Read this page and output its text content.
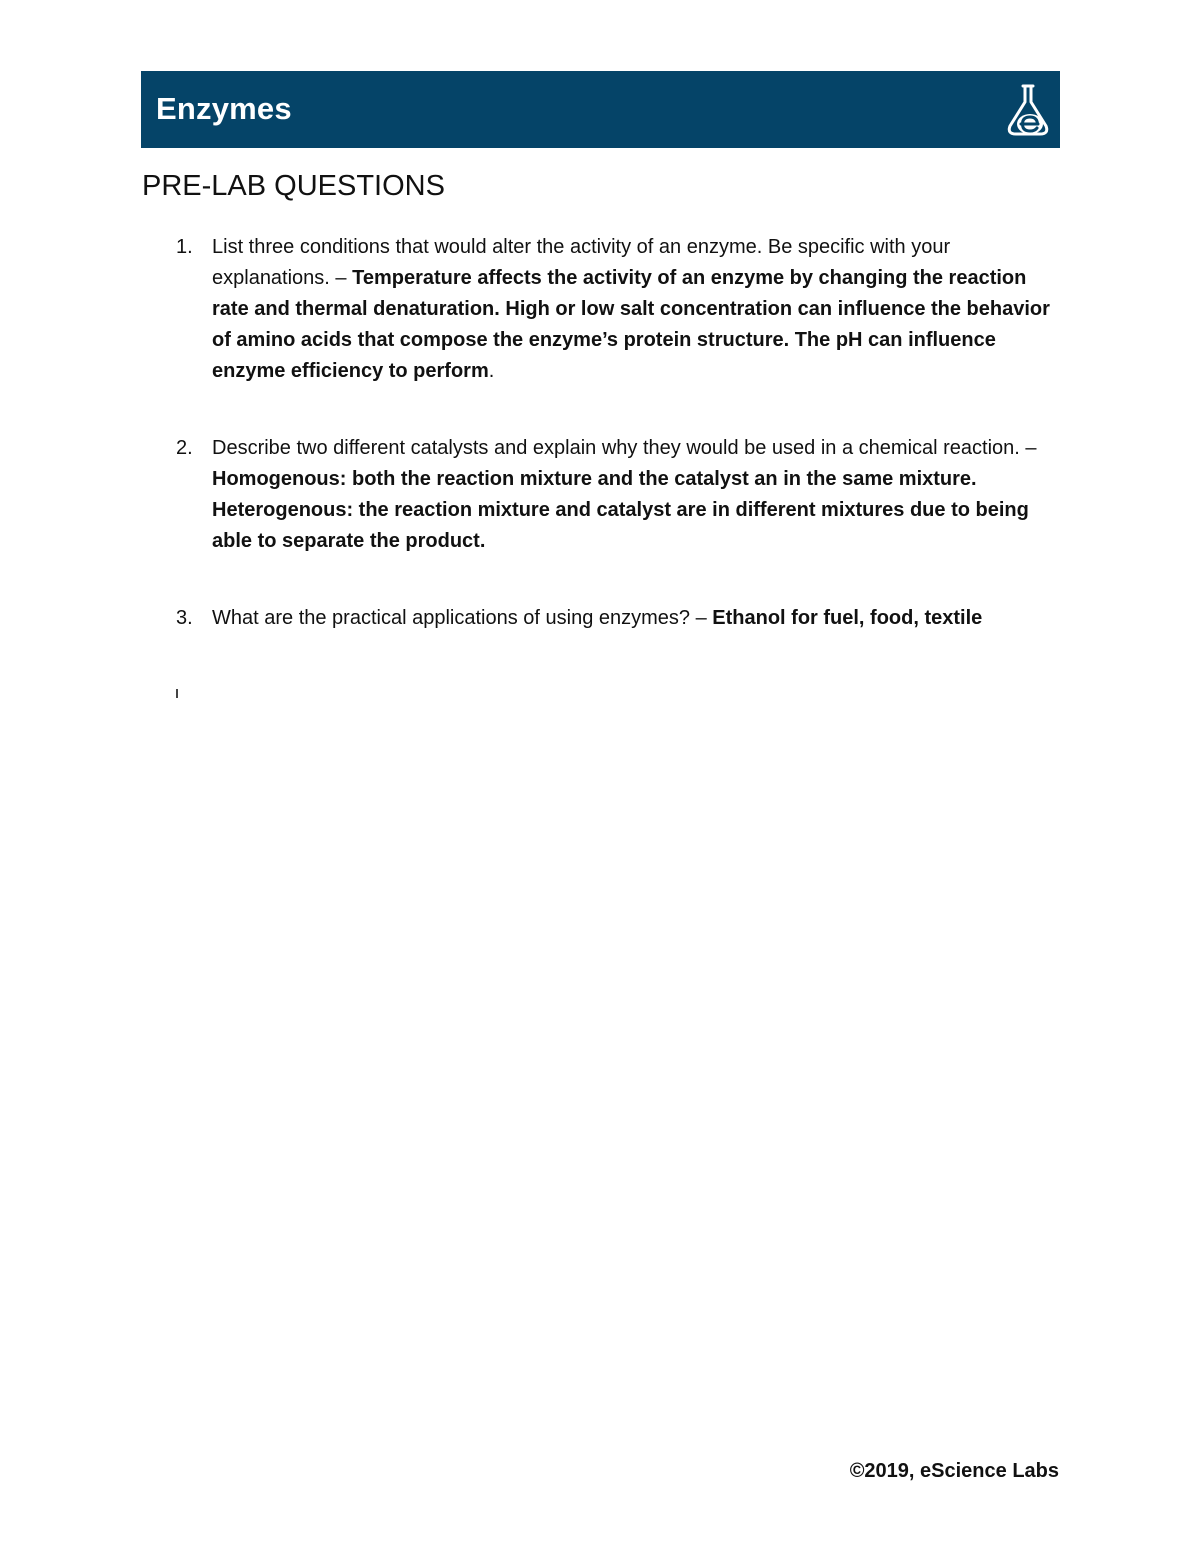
Enzymes
PRE-LAB QUESTIONS
1. List three conditions that would alter the activity of an enzyme. Be specific with your explanations. – Temperature affects the activity of an enzyme by changing the reaction rate and thermal denaturation. High or low salt concentration can influence the behavior of amino acids that compose the enzyme’s protein structure. The pH can influence enzyme efficiency to perform.
2. Describe two different catalysts and explain why they would be used in a chemical reaction. – Homogenous: both the reaction mixture and the catalyst an in the same mixture. Heterogenous: the reaction mixture and catalyst are in different mixtures due to being able to separate the product.
3. What are the practical applications of using enzymes? – Ethanol for fuel, food, textile
©2019, eScience Labs
